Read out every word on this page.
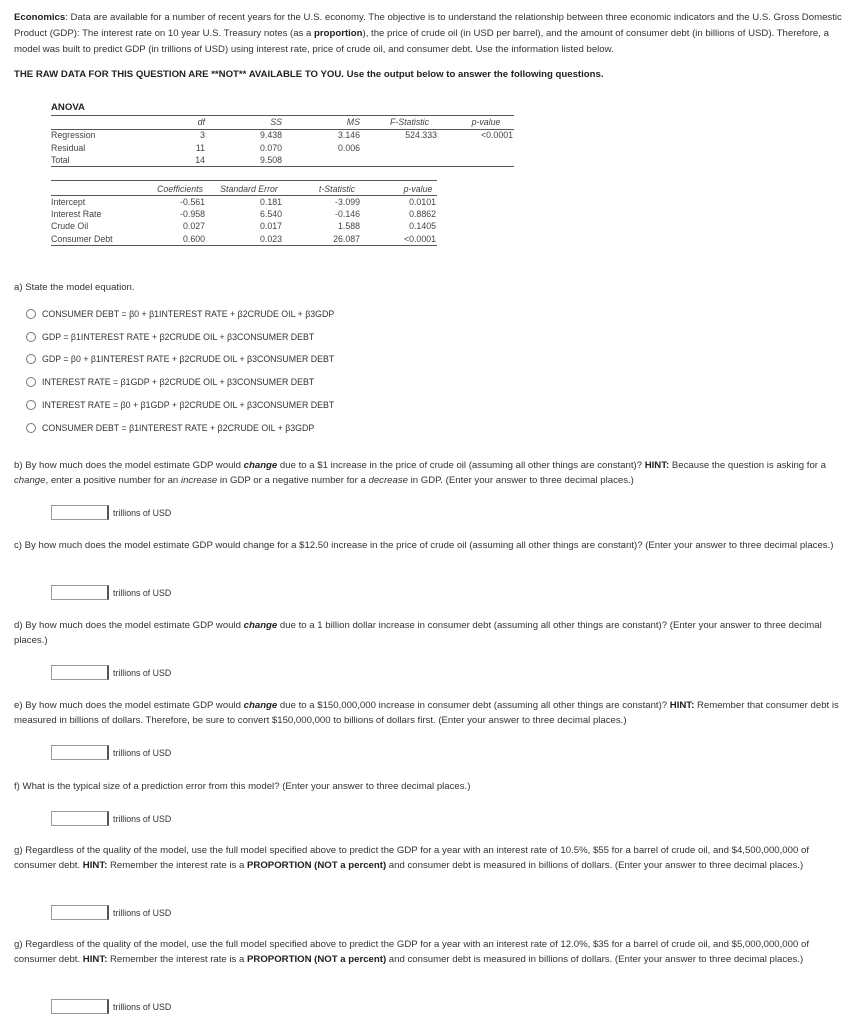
Economics: Data are available for a number of recent years for the U.S. economy. The objective is to understand the relationship between three economic indicators and the U.S. Gross Domestic Product (GDP): The interest rate on 10 year U.S. Treasury notes (as a proportion), the price of crude oil (in USD per barrel), and the amount of consumer debt (in billions of USD). Therefore, a model was built to predict GDP (in trillions of USD) using interest rate, price of crude oil, and consumer debt. Use the information listed below.
THE RAW DATA FOR THIS QUESTION ARE **NOT** AVAILABLE TO YOU. Use the output below to answer the following questions.
ANOVA
df	SS	MS	F-Statistic	p-value
Regression	3	9.438	3.146	524.333	<0.0001
Residual	11	0.070	0.006
Total	14	9.508
Coefficients	Standard Error	t-Statistic	p-value
Intercept	-0.561	0.181	-3.099	0.0101
Interest Rate	-0.958	6.540	-0.146	0.8862
Crude Oil	0.027	0.017	1.588	0.1405
Consumer Debt	0.600	0.023	26.087	<0.0001
a) State the model equation.
CONSUMER DEBT = β0 + β1INTEREST RATE + β2CRUDE OIL + β3GDP
GDP = β1INTEREST RATE + β2CRUDE OIL + β3CONSUMER DEBT
GDP = β0 + β1INTEREST RATE + β2CRUDE OIL + β3CONSUMER DEBT
INTEREST RATE = β1GDP + β2CRUDE OIL + β3CONSUMER DEBT
INTEREST RATE = β0 + β1GDP + β2CRUDE OIL + β3CONSUMER DEBT
CONSUMER DEBT = β1INTEREST RATE + β2CRUDE OIL + β3GDP
b) By how much does the model estimate GDP would change due to a $1 increase in the price of crude oil (assuming all other things are constant)? HINT: Because the question is asking for a change, enter a positive number for an increase in GDP or a negative number for a decrease in GDP. (Enter your answer to three decimal places.)
trillions of USD
c) By how much does the model estimate GDP would change for a $12.50 increase in the price of crude oil (assuming all other things are constant)? (Enter your answer to three decimal places.)
trillions of USD
d) By how much does the model estimate GDP would change due to a 1 billion dollar increase in consumer debt (assuming all other things are constant)? (Enter your answer to three decimal places.)
trillions of USD
e) By how much does the model estimate GDP would change due to a $150,000,000 increase in consumer debt (assuming all other things are constant)? HINT: Remember that consumer debt is measured in billions of dollars. Therefore, be sure to convert $150,000,000 to billions of dollars first. (Enter your answer to three decimal places.)
trillions of USD
f) What is the typical size of a prediction error from this model? (Enter your answer to three decimal places.)
trillions of USD
g) Regardless of the quality of the model, use the full model specified above to predict the GDP for a year with an interest rate of 10.5%, $55 for a barrel of crude oil, and $4,500,000,000 of consumer debt. HINT: Remember the interest rate is a PROPORTION (NOT a percent) and consumer debt is measured in billions of dollars. (Enter your answer to three decimal places.)
trillions of USD
g) Regardless of the quality of the model, use the full model specified above to predict the GDP for a year with an interest rate of 12.0%, $35 for a barrel of crude oil, and $5,000,000,000 of consumer debt. HINT: Remember the interest rate is a PROPORTION (NOT a percent) and consumer debt is measured in billions of dollars. (Enter your answer to three decimal places.)
trillions of USD
